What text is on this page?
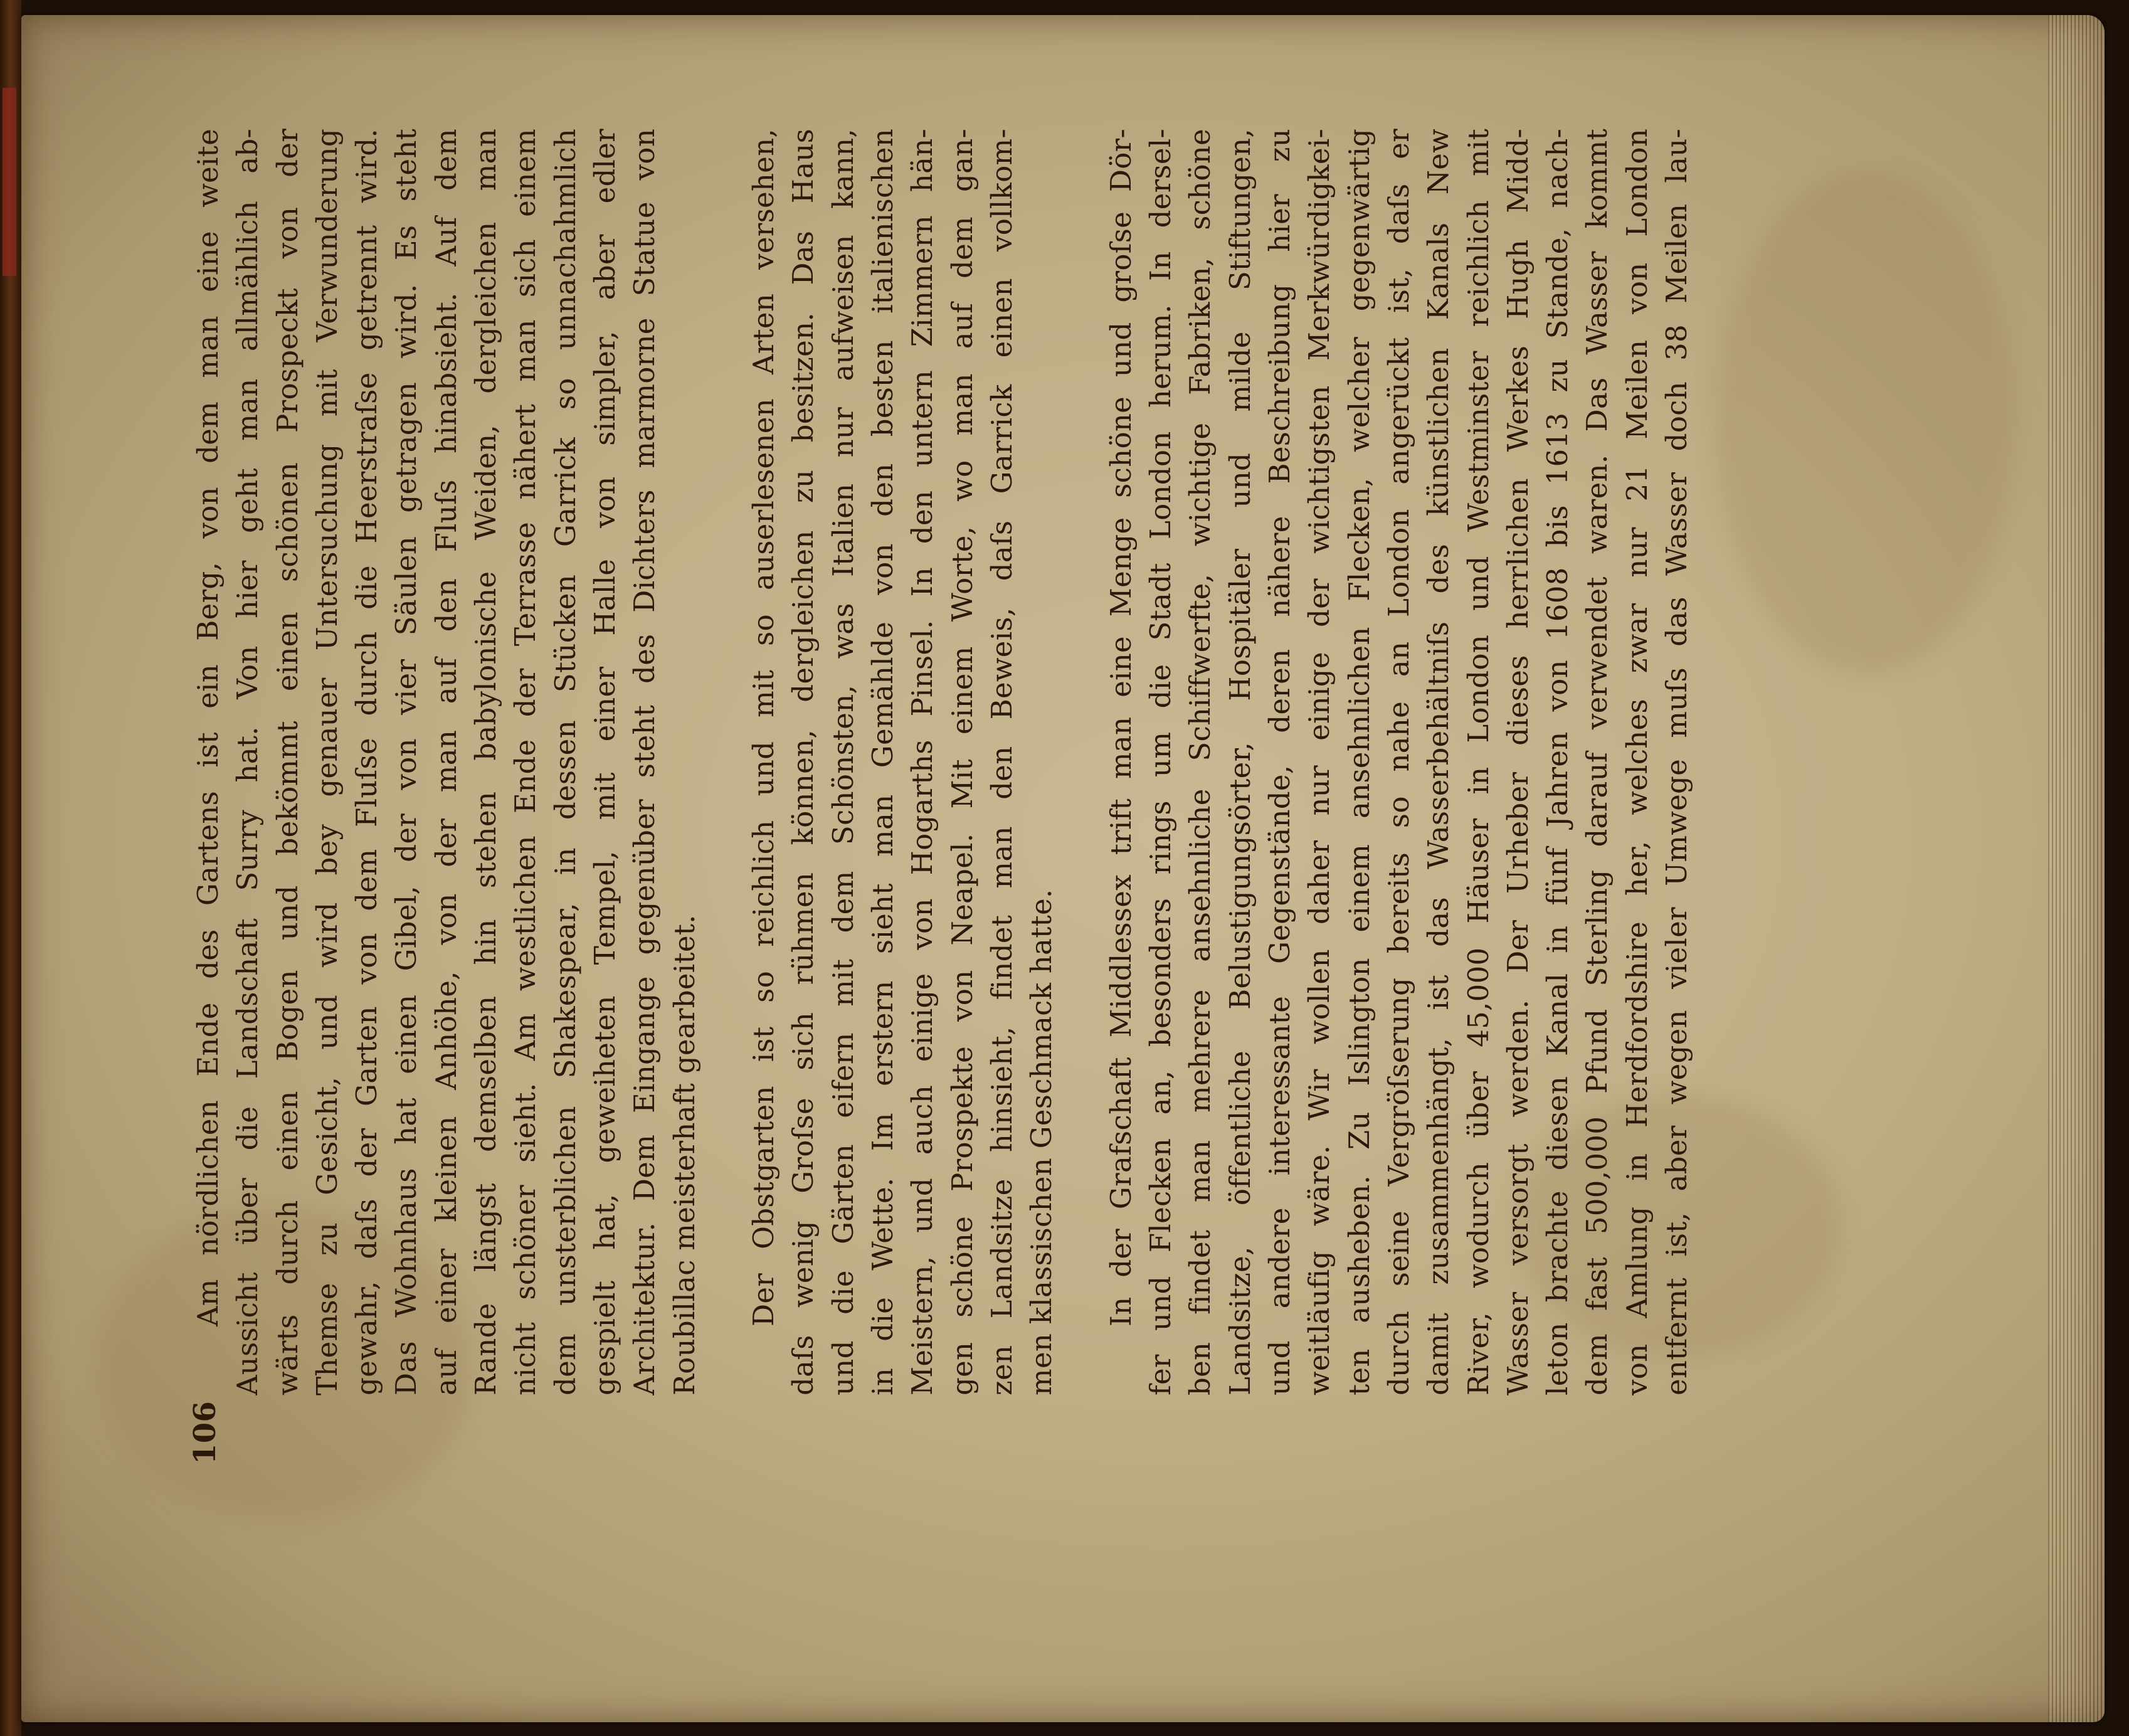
106
Am nördlichen Ende des Gartens ist ein Berg, von dem man eine weite Aussicht über die Landschaft Surry hat. Von hier geht man allmählich ab- wärts durch einen Bogen und bekömmt einen schönen Prospeckt von der Themse zu Gesicht, und wird bey genauer Untersuchung mit Verwunderung gewahr, daſs der Garten von dem Fluſse durch die Heerstraſse getrennt wird. Das Wohnhaus hat einen Gibel, der von vier Säulen getragen wird. Es steht auf einer kleinen Anhöhe, von der man auf den Fluſs hinabsieht. Auf dem Rande längst demselben hin stehen babylonische Weiden, dergleichen man nicht schöner sieht. Am westlichen Ende der Terrasse nähert man sich einem dem unsterblichen Shakespear, in dessen Stücken Garrick so unnachahmlich gespielt hat, geweiheten Tempel, mit einer Halle von simpler, aber edler Architektur. Dem Eingange gegenüber steht des Dichters marmorne Statue von Roubillac meisterhaft gearbeitet. Der Obstgarten ist so reichlich und mit so auserlesenen Arten versehen, daſs wenig Groſse sich rühmen können, dergleichen zu besitzen. Das Haus und die Gärten eifern mit dem Schönsten, was Italien nur aufweisen kann, in die Wette. Im erstern sieht man Gemählde von den besten italienischen Meistern, und auch einige von Hogarths Pinsel. In den untern Zimmern hän- gen schöne Prospekte von Neapel. Mit einem Worte, wo man auf dem gan- zen Landsitze hinsieht, findet man den Beweis, daſs Garrick einen vollkom- men klassischen Geschmack hatte. In der Grafschaft Middlessex trift man eine Menge schöne und groſse Dör- fer und Flecken an, besonders rings um die Stadt London herum. In dersel- ben findet man mehrere ansehnliche Schiffwerfte, wichtige Fabriken, schöne Landsitze, öffentliche Belustigungsörter, Hospitäler und milde Stiftungen, und andere interessante Gegenstände, deren nähere Beschreibung hier zu weitläufig wäre. Wir wollen daher nur einige der wichtigsten Merkwürdigkei- ten ausheben. Zu Islington einem ansehnlichen Flecken, welcher gegenwärtig durch seine Vergröſserung bereits so nahe an London angerückt ist, daſs er damit zusammenhängt, ist das Wasserbehältniſs des künstlichen Kanals New River, wodurch über 45,000 Häuser in London und Westminster reichlich mit Wasser versorgt werden. Der Urheber dieses herrlichen Werkes Hugh Midd- leton brachte diesen Kanal in fünf Jahren von 1608 bis 1613 zu Stande, nach- dem fast 500,000 Pfund Sterling darauf verwendet waren. Das Wasser kommt von Amlung in Herdfordshire her, welches zwar nur 21 Meilen von London entfernt ist, aber wegen vieler Umwege muſs das Wasser doch 38 Meilen lau-
